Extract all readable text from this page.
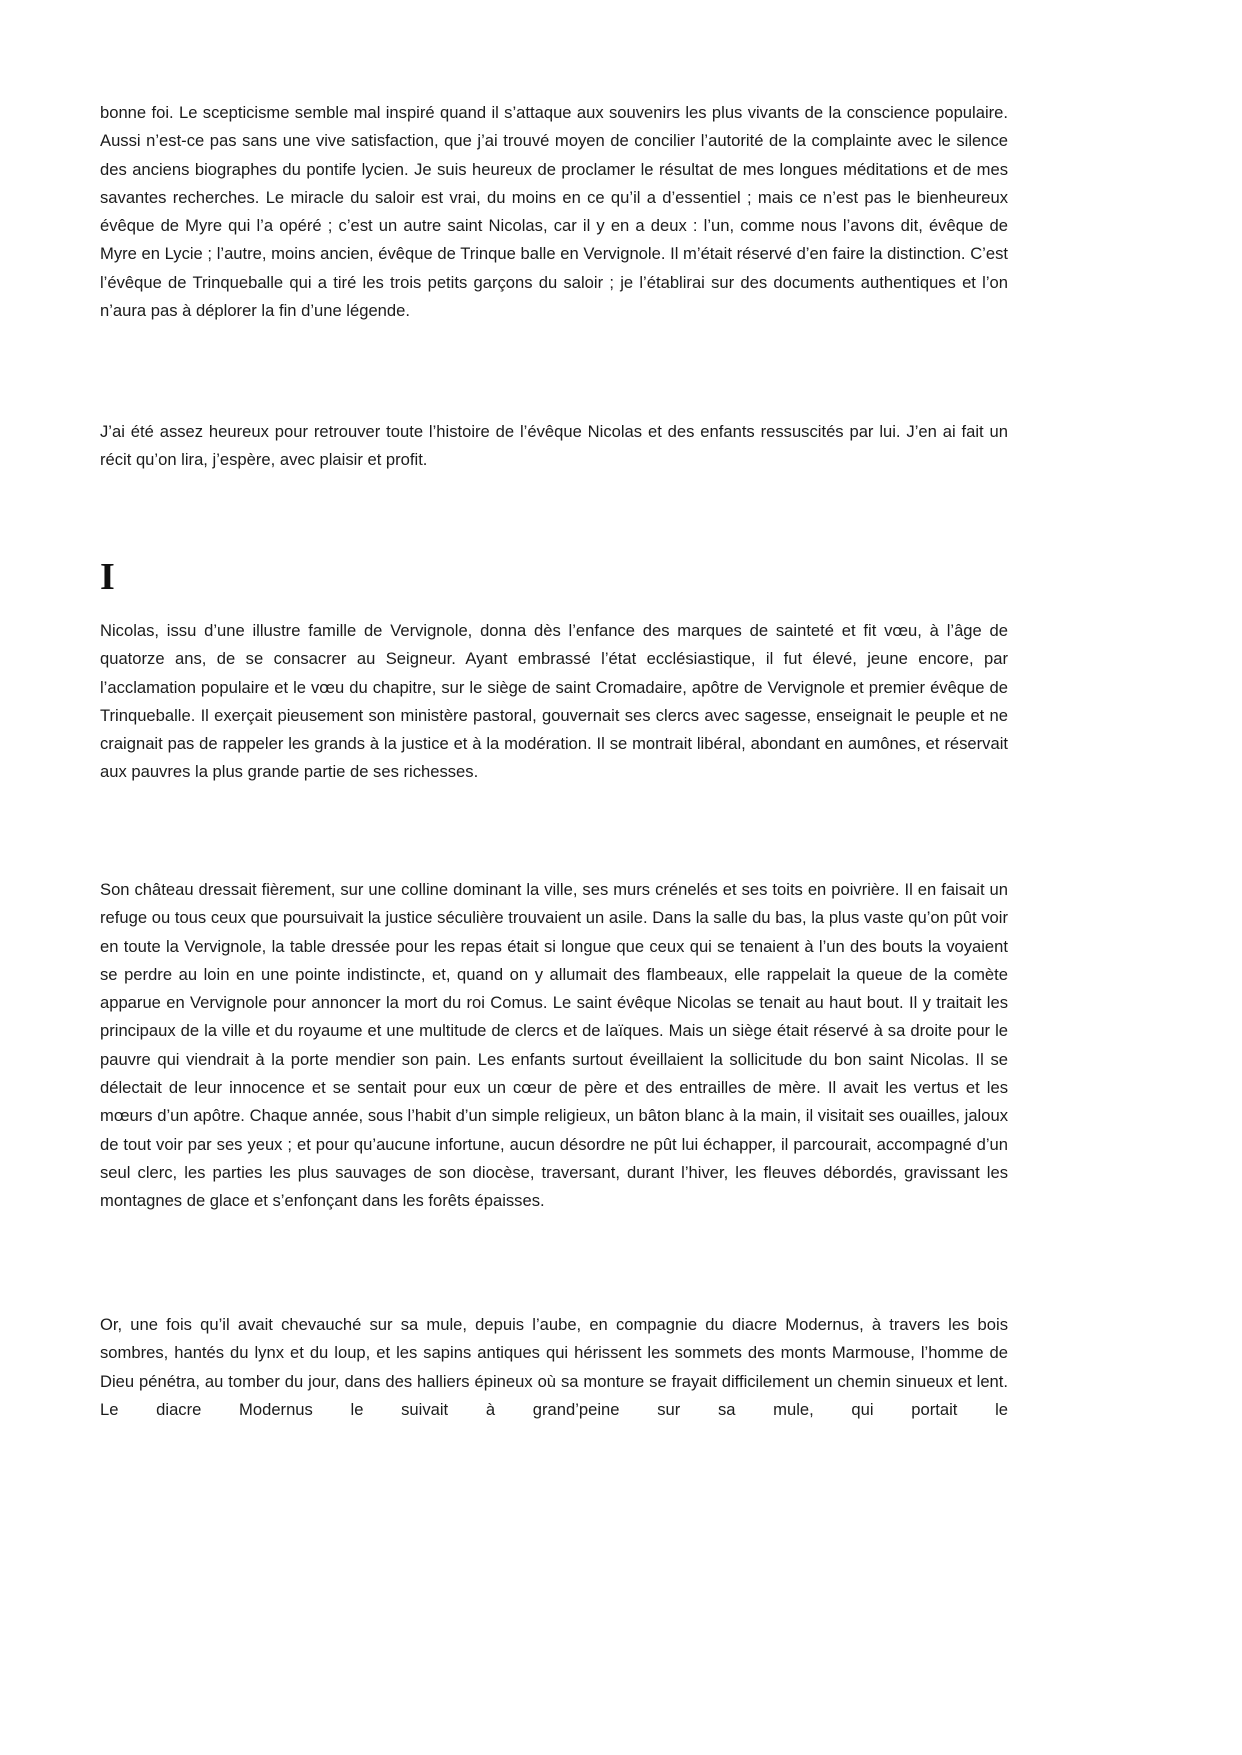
bonne foi. Le scepticisme semble mal inspiré quand il s’attaque aux souvenirs les plus vivants de la conscience populaire. Aussi n’est-ce pas sans une vive satisfaction, que j’ai trouvé moyen de concilier l’autorité de la complainte avec le silence des anciens biographes du pontife lycien. Je suis heureux de proclamer le résultat de mes longues méditations et de mes savantes recherches. Le miracle du saloir est vrai, du moins en ce qu’il a d’essentiel ; mais ce n’est pas le bienheureux évêque de Myre qui l’a opéré ; c’est un autre saint Nicolas, car il y en a deux : l’un, comme nous l’avons dit, évêque de Myre en Lycie ; l’autre, moins ancien, évêque de Trinque balle en Vervignole. Il m’était réservé d’en faire la distinction. C’est l’évêque de Trinqueballe qui a tiré les trois petits garçons du saloir ; je l’établirai sur des documents authentiques et l’on n’aura pas à déplorer la fin d’une légende.

J’ai été assez heureux pour retrouver toute l’histoire de l’évêque Nicolas et des enfants ressuscités par lui. J’en ai fait un récit qu’on lira, j’espère, avec plaisir et profit.

I

Nicolas, issu d’une illustre famille de Vervignole, donna dès l’enfance des marques de sainteté et fit vœu, à l’âge de quatorze ans, de se consacrer au Seigneur. Ayant embrassé l’état ecclésiastique, il fut élevé, jeune encore, par l’acclamation populaire et le vœu du chapitre, sur le siège de saint Cromadaire, apôtre de Vervignole et premier évêque de Trinqueballe. Il exerçait pieusement son ministère pastoral, gouvernait ses clercs avec sagesse, enseignait le peuple et ne craignait pas de rappeler les grands à la justice et à la modération. Il se montrait libéral, abondant en aumônes, et réservait aux pauvres la plus grande partie de ses richesses.

Son château dressait fièrement, sur une colline dominant la ville, ses murs crénelés et ses toits en poivrière. Il en faisait un refuge ou tous ceux que poursuivait la justice séculière trouvaient un asile. Dans la salle du bas, la plus vaste qu’on pût voir en toute la Vervignole, la table dressée pour les repas était si longue que ceux qui se tenaient à l’un des bouts la voyaient se perdre au loin en une pointe indistincte, et, quand on y allumait des flambeaux, elle rappelait la queue de la comète apparue en Vervignole pour annoncer la mort du roi Comus. Le saint évêque Nicolas se tenait au haut bout. Il y traitait les principaux de la ville et du royaume et une multitude de clercs et de laïques. Mais un siège était réservé à sa droite pour le pauvre qui viendrait à la porte mendier son pain. Les enfants surtout éveillaient la sollicitude du bon saint Nicolas. Il se délectait de leur innocence et se sentait pour eux un cœur de père et des entrailles de mère. Il avait les vertus et les mœurs d’un apôtre. Chaque année, sous l’habit d’un simple religieux, un bâton blanc à la main, il visitait ses ouailles, jaloux de tout voir par ses yeux ; et pour qu’aucune infortune, aucun désordre ne pût lui échapper, il parcourait, accompagné d’un seul clerc, les parties les plus sauvages de son diocèse, traversant, durant l’hiver, les fleuves débordés, gravissant les montagnes de glace et s’enfonçant dans les forêts épaisses.

Or, une fois qu’il avait chevauché sur sa mule, depuis l’aube, en compagnie du diacre Modernus, à travers les bois sombres, hantés du lynx et du loup, et les sapins antiques qui hérissent les sommets des monts Marmouse, l’homme de Dieu pénétra, au tomber du jour, dans des halliers épineux où sa monture se frayait difficilement un chemin sinueux et lent. Le diacre Modernus le suivait à grand’peine sur sa mule, qui portait le
